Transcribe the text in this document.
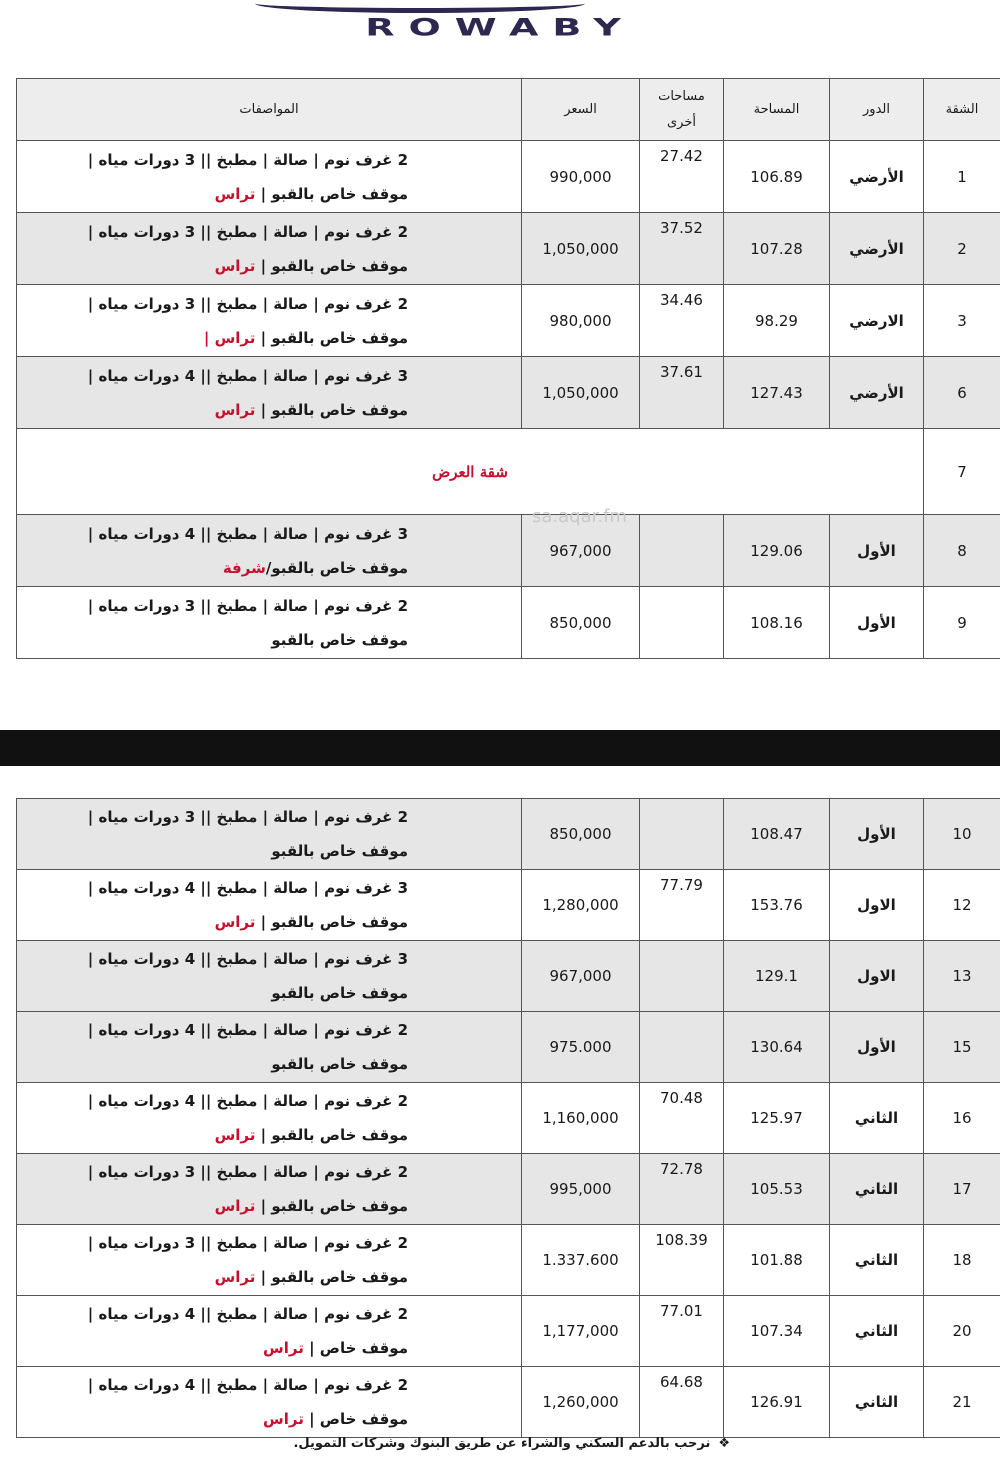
ROWABY
الشقة	الدور	المساحة	مساحات
أخرى	السعر	المواصفات
1	الأرضي	106.89	27.42	990,000	2 غرف نوم | صالة | مطبخ || 3 دورات مياه |
موقف خاص بالقبو | تراس

2	الأرضي	107.28	37.52	1,050,000	2 غرف نوم | صالة | مطبخ || 3 دورات مياه |
موقف خاص بالقبو | تراس

3	الارضي	98.29	34.46	980,000	2 غرف نوم | صالة | مطبخ || 3 دورات مياه |
موقف خاص بالقبو | تراس |

6	الأرضي	127.43	37.61	1,050,000	3 غرف نوم | صالة | مطبخ || 4 دورات مياه |
موقف خاص بالقبو | تراس

7	شقة العرض				
8	الأول	129.06		967,000	3 غرف نوم | صالة | مطبخ || 4 دورات مياه |
موقف خاص بالقبو/شرفة

9	الأول	108.16		850,000	2 غرف نوم | صالة | مطبخ || 3 دورات مياه |
موقف خاص بالقبو
sa.aqar.fm
10	الأول	108.47		850,000	2 غرف نوم | صالة | مطبخ || 3 دورات مياه |
موقف خاص بالقبو

12	الاول	153.76	77.79	1,280,000	3 غرف نوم | صالة | مطبخ || 4 دورات مياه |
موقف خاص بالقبو | تراس

13	الاول	129.1		967,000	3 غرف نوم | صالة | مطبخ || 4 دورات مياه |
موقف خاص بالقبو

15	الأول	130.64		975.000	2 غرف نوم | صالة | مطبخ || 4 دورات مياه |
موقف خاص بالقبو

16	الثاني	125.97	70.48	1,160,000	2 غرف نوم | صالة | مطبخ || 4 دورات مياه |
موقف خاص بالقبو | تراس

17	الثاني	105.53	72.78	995,000	2 غرف نوم | صالة | مطبخ || 3 دورات مياه |
موقف خاص بالقبو | تراس

18	الثاني	101.88	108.39	1.337.600	2 غرف نوم | صالة | مطبخ || 3 دورات مياه |
موقف خاص بالقبو | تراس

20	الثاني	107.34	77.01	1,177,000	2 غرف نوم | صالة | مطبخ || 4 دورات مياه |
موقف خاص | تراس

21	الثاني	126.91	64.68	1,260,000	2 غرف نوم | صالة | مطبخ || 4 دورات مياه |
موقف خاص | تراس
❖نرحب بالدعم السكني والشراء عن طريق البنوك وشركات التمويل.
